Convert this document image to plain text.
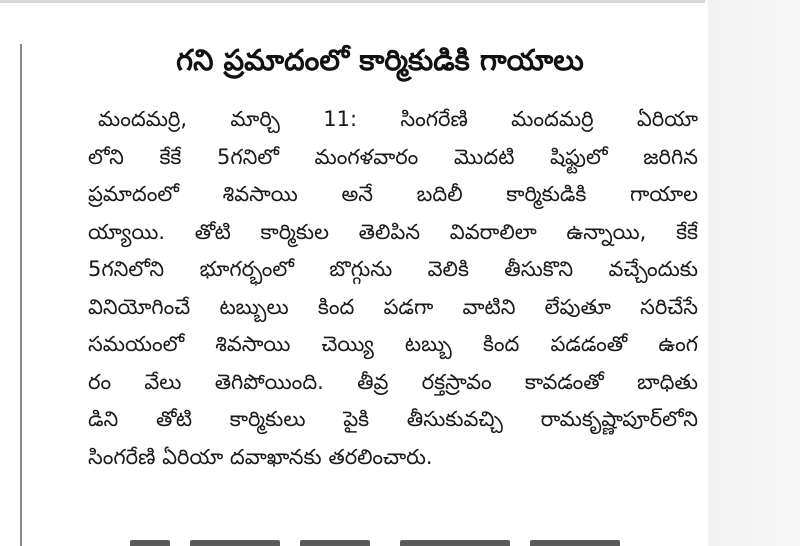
గని ప్రమాదంలో కార్మికుడికి గాయాలు
మందమర్రి, మార్చి 11: సింగరేణి మందమర్రి ఏరియా
లోని కేకే 5గనిలో మంగళవారం మొదటి షిఫ్టులో జరిగిన
ప్రమాదంలో శివసాయి అనే బదిలీ కార్మికుడికి గాయాల
య్యాయి. తోటి కార్మికుల తెలిపిన వివరాలిలా ఉన్నాయి, కేకే
5గనిలోని భూగర్భంలో బొగ్గును వెలికి తీసుకొని వచ్చేందుకు
వినియోగించే టబ్బులు కింద పడగా వాటిని లేపుతూ సరిచేసే
సమయంలో శివసాయి చెయ్యి టబ్బు కింద పడడంతో ఉంగ
రం వేలు తెగిపోయింది. తీవ్ర రక్తస్రావం కావడంతో బాధితు
డిని తోటి కార్మికులు పైకి తీసుకువచ్చి రామకృష్ణాపూర్‌లోని
సింగరేణి ఏరియా దవాఖానకు తరలించారు.
